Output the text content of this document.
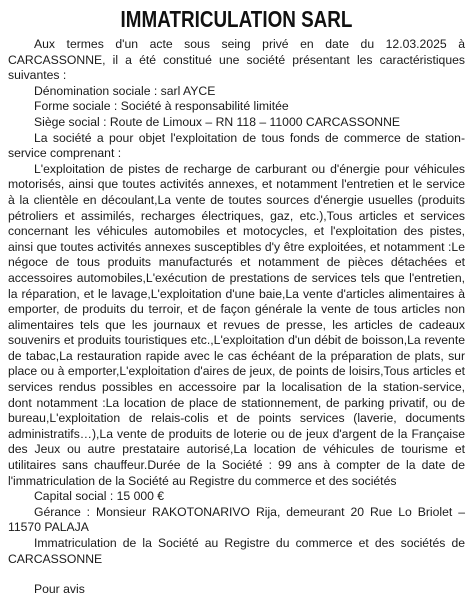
IMMATRICULATION SARL

Aux termes d'un acte sous seing privé en date du 12.03.2025 à CARCASSONNE, il a été constitué une société présentant les caractéristiques suivantes :

Dénomination sociale : sarl AYCE

Forme sociale : Société à responsabilité limitée

Siège social : Route de Limoux – RN 118 – 11000 CARCASSONNE

La société a pour objet l'exploitation de tous fonds de commerce de station-service comprenant :

L'exploitation de pistes de recharge de carburant ou d'énergie pour véhicules motorisés, ainsi que toutes activités annexes, et notamment l'entretien et le service à la clientèle en découlant,La vente de toutes sources d'énergie usuelles (produits pétroliers et assimilés, recharges électriques, gaz, etc.),Tous articles et services concernant les véhicules automobiles et motocycles, et l'exploitation des pistes, ainsi que toutes activités annexes susceptibles d'y être exploitées, et notamment :Le négoce de tous produits manufacturés et notamment de pièces détachées et accessoires automobiles,L'exécution de prestations de services tels que l'entretien, la réparation, et le lavage,L'exploitation d'une baie,La vente d'articles alimentaires à emporter, de produits du terroir, et de façon générale la vente de tous articles non alimentaires tels que les journaux et revues de presse, les articles de cadeaux souvenirs et produits touristiques etc.,L'exploitation d'un débit de boisson,La revente de tabac,La restauration rapide avec le cas échéant de la préparation de plats, sur place ou à emporter,L'exploitation d'aires de jeux, de points de loisirs,Tous articles et services rendus possibles en accessoire par la localisation de la station-service, dont notamment :La location de place de stationnement, de parking privatif, ou de bureau,L'exploitation de relais-colis et de points services (laverie, documents administratifs…),La vente de produits de loterie ou de jeux d'argent de la Française des Jeux ou autre prestataire autorisé,La location de véhicules de tourisme et utilitaires sans chauffeur.Durée de la Société : 99 ans à compter de la date de l'immatriculation de la Société au Registre du commerce et des sociétés

Capital social : 15 000 €

Gérance : Monsieur RAKOTONARIVO Rija, demeurant 20 Rue Lo Briolet – 11570 PALAJA

Immatriculation de la Société au Registre du commerce et des sociétés de CARCASSONNE

Pour avis
